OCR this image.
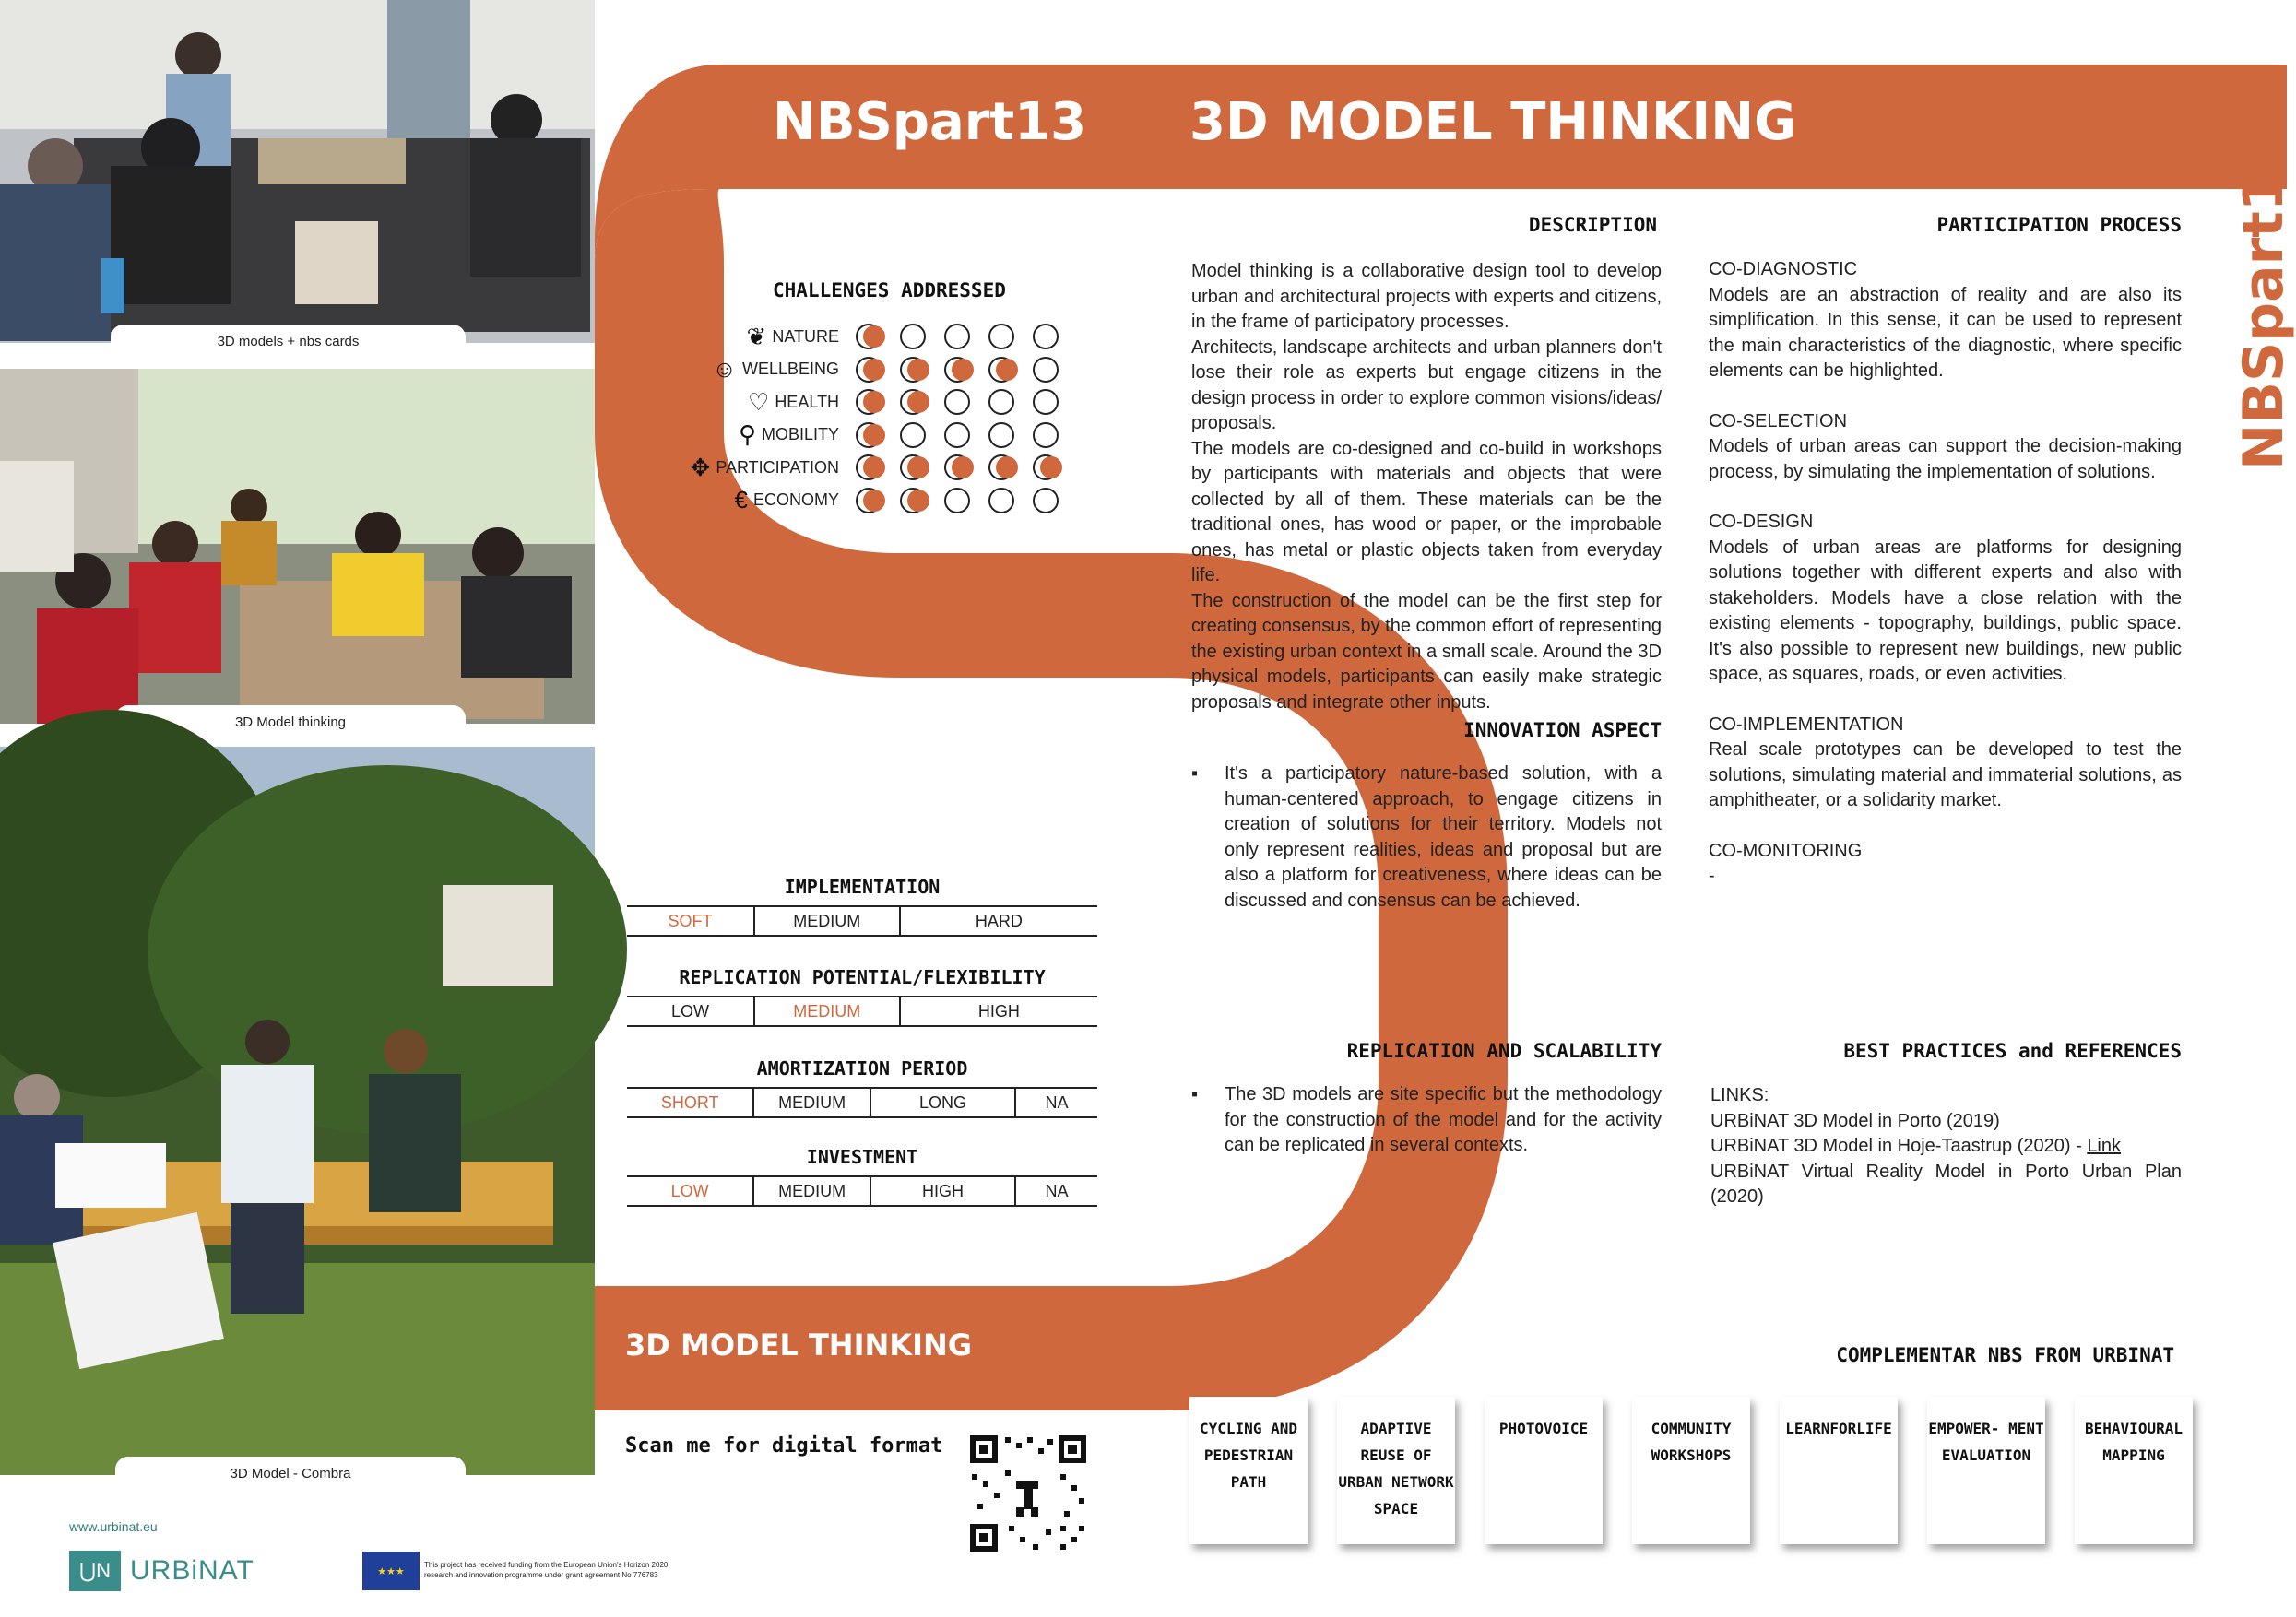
3D models + nbs cards
3D Model thinking
3D Model - Combra
www.urbinat.eu
⋃N URBiNAT	★★★
This project has received funding from the European Union's Horizon 2020
research and innovation programme under grant agreement No 776783
NBSpart13 3D MODEL THINKING
NBSpart13
3D MODEL THINKING
CHALLENGES ADDRESSED
❦ NATURE
☺ WELLBEING
♡ HEALTH
⚲ MOBILITY
✥ PARTICIPATION
€ ECONOMY
IMPLEMENTATION
SOFT	MEDIUM	HARD
REPLICATION POTENTIAL/FLEXIBILITY
LOW	MEDIUM	HIGH
AMORTIZATION PERIOD
SHORT	MEDIUM	LONG	NA
INVESTMENT
LOW	MEDIUM	HIGH	NA
Scan me for digital format
DESCRIPTION
Model thinking is a collaborative design tool to develop urban and architectural projects with experts and citizens, in the frame of participatory processes.
Architects, landscape architects and urban planners don't lose their role as experts but engage citizens in the design process in order to explore common visions/ideas/ proposals.
The models are co-designed and co-build in workshops by participants with materials and objects that were collected by all of them. These materials can be the traditional ones, has wood or paper, or the improbable ones, has metal or plastic objects taken from everyday life.
The construction of the model can be the first step for creating consensus, by the common effort of representing the existing urban context in a small scale. Around the 3D physical models, participants can easily make strategic proposals and integrate other inputs.
INNOVATION ASPECT
▪ It's a participatory nature-based solution, with a human-centered approach, to engage citizens in creation of solutions for their territory. Models not only represent realities, ideas and proposal but are also a platform for creativeness, where ideas can be discussed and consensus can be achieved.
REPLICATION AND SCALABILITY
▪ The 3D models are site specific but the methodology for the construction of the model and for the activity can be replicated in several contexts.
PARTICIPATION PROCESS
CO-DIAGNOSTIC
Models are an abstraction of reality and are also its simplification. In this sense, it can be used to represent the main characteristics of the diagnostic, where specific elements can be highlighted.
CO-SELECTION
Models of urban areas can support the decision-making process, by simulating the implementation of solutions.
CO-DESIGN
Models of urban areas are platforms for designing solutions together with different experts and also with stakeholders. Models have a close relation with the existing elements - topography, buildings, public space. It's also possible to represent new buildings, new public space, as squares, roads, or even activities.
CO-IMPLEMENTATION
Real scale prototypes can be developed to test the solutions, simulating material and immaterial solutions, as amphitheater, or a solidarity market.
CO-MONITORING
-
BEST PRACTICES and REFERENCES
LINKS:
URBiNAT 3D Model in Porto (2019)
URBiNAT 3D Model in Hoje-Taastrup (2020) - Link
URBiNAT Virtual Reality Model in Porto Urban Plan (2020)
COMPLEMENTAR NBS FROM URBINAT
CYCLING AND PEDESTRIAN PATH
ADAPTIVE REUSE OF URBAN NETWORK SPACE
PHOTOVOICE	COMMUNITY WORKSHOPS
LEARNFORLIFE	EMPOWER- MENT EVALUATION
BEHAVIOURAL MAPPING
